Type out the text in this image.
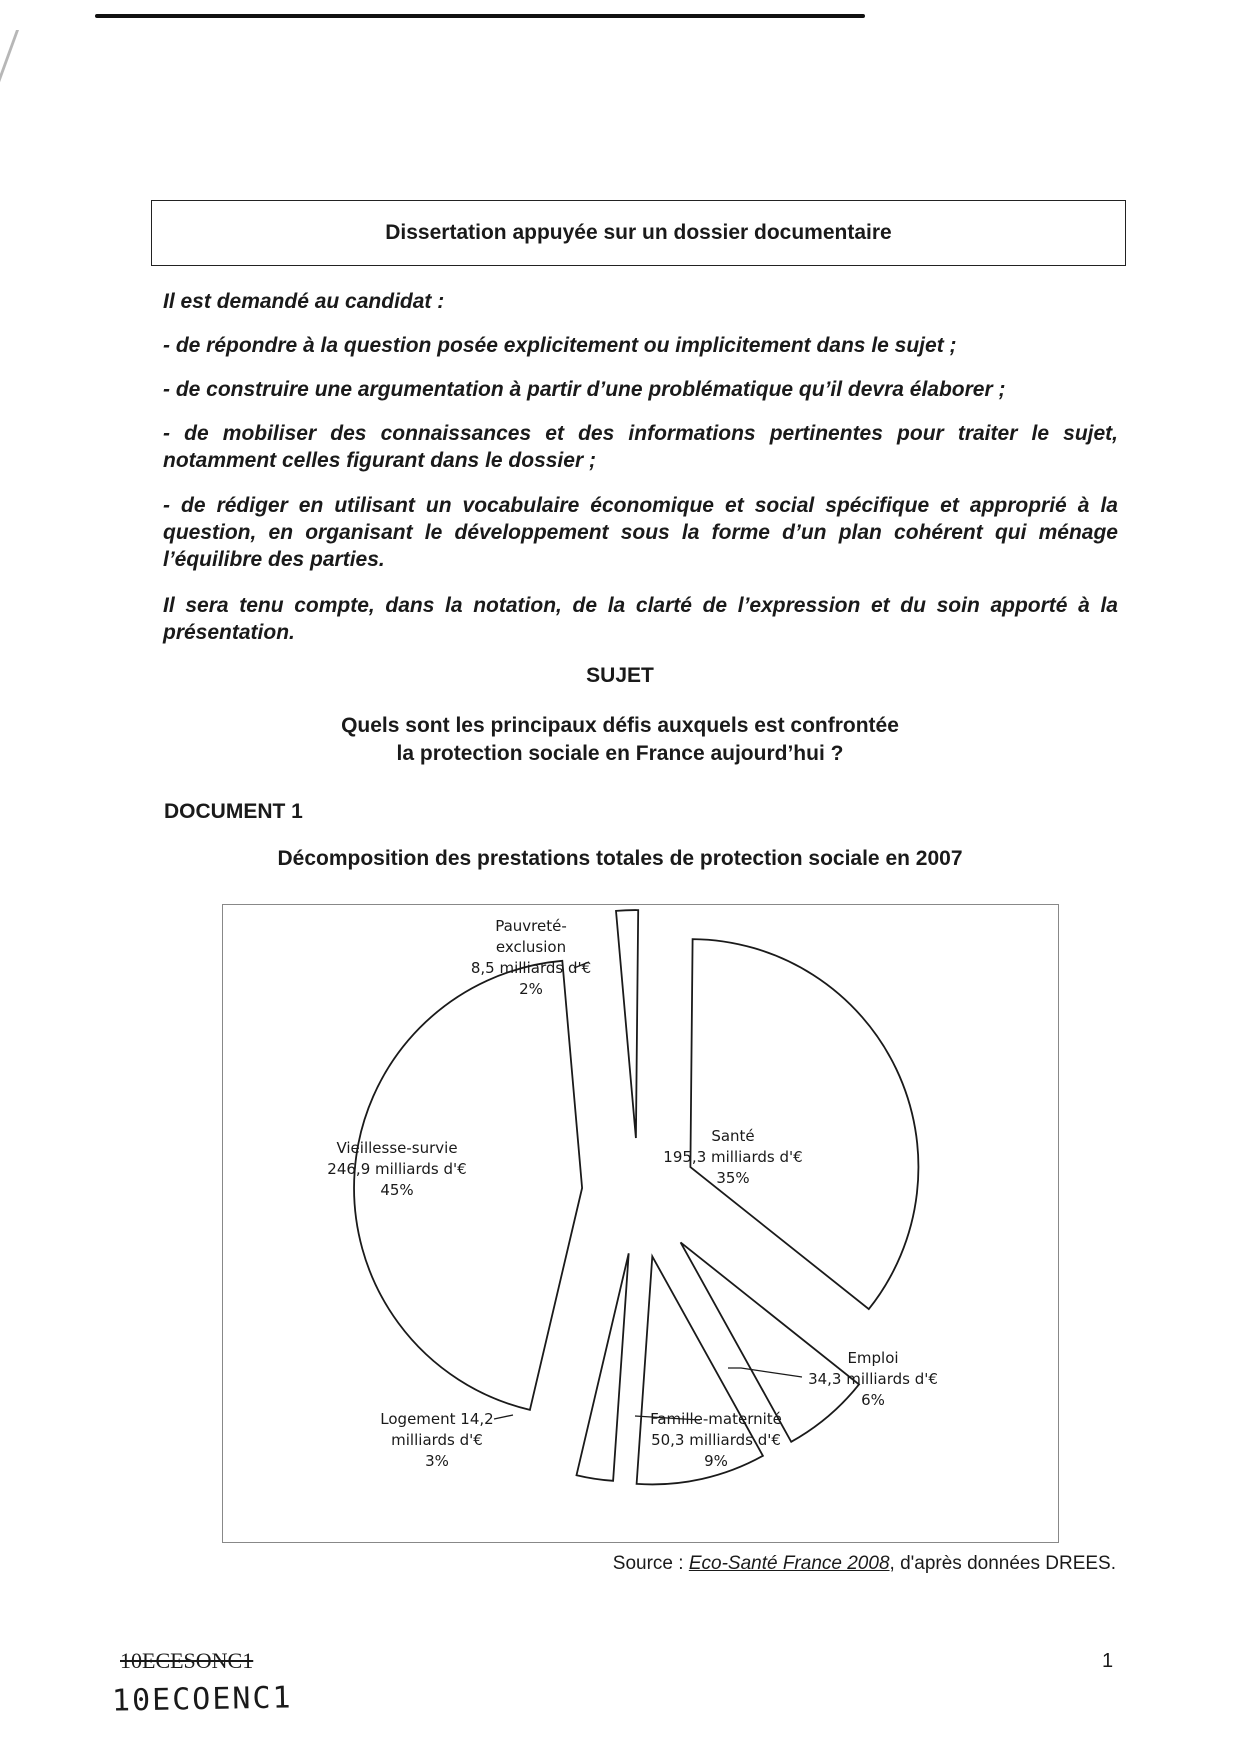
Dissertation appuyée sur un dossier documentaire
Il est demandé au candidat :
- de répondre à la question posée explicitement ou implicitement dans le sujet ;
- de construire une argumentation à partir d’une problématique qu’il devra élaborer ;
- de mobiliser des connaissances et des informations pertinentes pour traiter le sujet, notamment celles figurant dans le dossier ;
- de rédiger en utilisant un vocabulaire économique et social spécifique et approprié à la question, en organisant le développement sous la forme d’un plan cohérent qui ménage l’équilibre des parties.
Il sera tenu compte, dans la notation, de la clarté de l’expression et du soin apporté à la présentation.
SUJET
Quels sont les principaux défis auxquels est confrontée
la protection sociale en France aujourd’hui ?
DOCUMENT 1
Décomposition des prestations totales de protection sociale en 2007
Pauvreté-exclusion 8,5 milliards d'€ 2%
Santé 195,3 milliards d'€ 35%
Emploi 34,3 milliards d'€ 6%
Famille-maternité 50,3 milliards d'€ 9%
Logement 14,2 milliards d'€ 3%
Vieillesse-survie 246,9 milliards d'€ 45%
Source : Eco-Santé France 2008, d'après données DREES.
10ECESONC1
10ECOENC1
1
